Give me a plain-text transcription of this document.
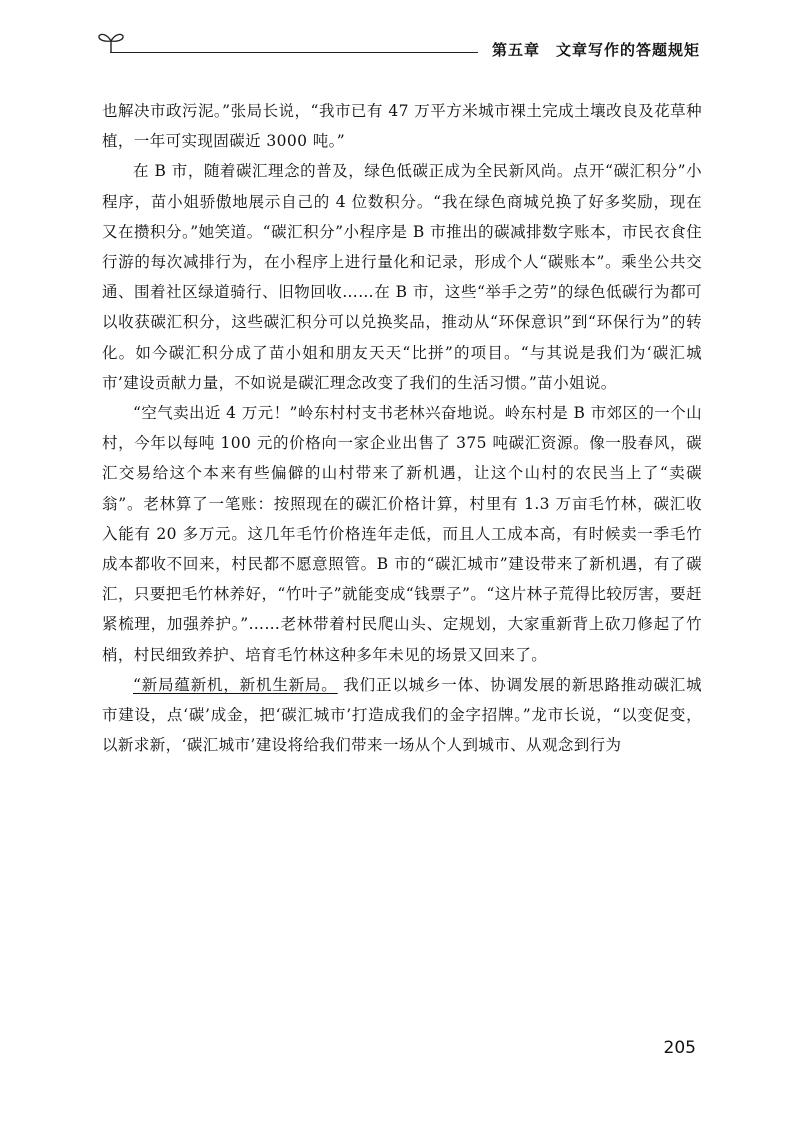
第五章 文章写作的答题规矩

也解决市政污泥。”张局长说，“我市已有 47 万平方米城市裸土完成土壤改良及花草种植，一年可实现固碳近 3000 吨。”

在 B 市，随着碳汇理念的普及，绿色低碳正成为全民新风尚。点开“碳汇积分”小程序，苗小姐骄傲地展示自己的 4 位数积分。“我在绿色商城兑换了好多奖励，现在又在攒积分。”她笑道。“碳汇积分”小程序是 B 市推出的碳减排数字账本，市民衣食住行游的每次减排行为，在小程序上进行量化和记录，形成个人“碳账本”。乘坐公共交通、围着社区绿道骑行、旧物回收……在 B 市，这些“举手之劳”的绿色低碳行为都可以收获碳汇积分，这些碳汇积分可以兑换奖品，推动从“环保意识”到“环保行为”的转化。如今碳汇积分成了苗小姐和朋友天天“比拼”的项目。“与其说是我们为‘碳汇城市’建设贡献力量，不如说是碳汇理念改变了我们的生活习惯。”苗小姐说。

“空气卖出近 4 万元！”岭东村村支书老林兴奋地说。岭东村是 B 市郊区的一个山村，今年以每吨 100 元的价格向一家企业出售了 375 吨碳汇资源。像一股春风，碳汇交易给这个本来有些偏僻的山村带来了新机遇，让这个山村的农民当上了“卖碳翁”。老林算了一笔账：按照现在的碳汇价格计算，村里有 1.3 万亩毛竹林，碳汇收入能有 20 多万元。这几年毛竹价格连年走低，而且人工成本高，有时候卖一季毛竹成本都收不回来，村民都不愿意照管。B 市的“碳汇城市”建设带来了新机遇，有了碳汇，只要把毛竹林养好，“竹叶子”就能变成“钱票子”。“这片林子荒得比较厉害，要赶紧梳理，加强养护。”……老林带着村民爬山头、定规划，大家重新背上砍刀修起了竹梢，村民细致养护、培育毛竹林这种多年未见的场景又回来了。

“新局蕴新机，新机生新局。 我们正以城乡一体、协调发展的新思路推动碳汇城市建设，点‘碳’成金，把‘碳汇城市’打造成我们的金字招牌。”龙市长说，“以变促变，以新求新，‘碳汇城市’建设将给我们带来一场从个人到城市、从观念到行为

205
